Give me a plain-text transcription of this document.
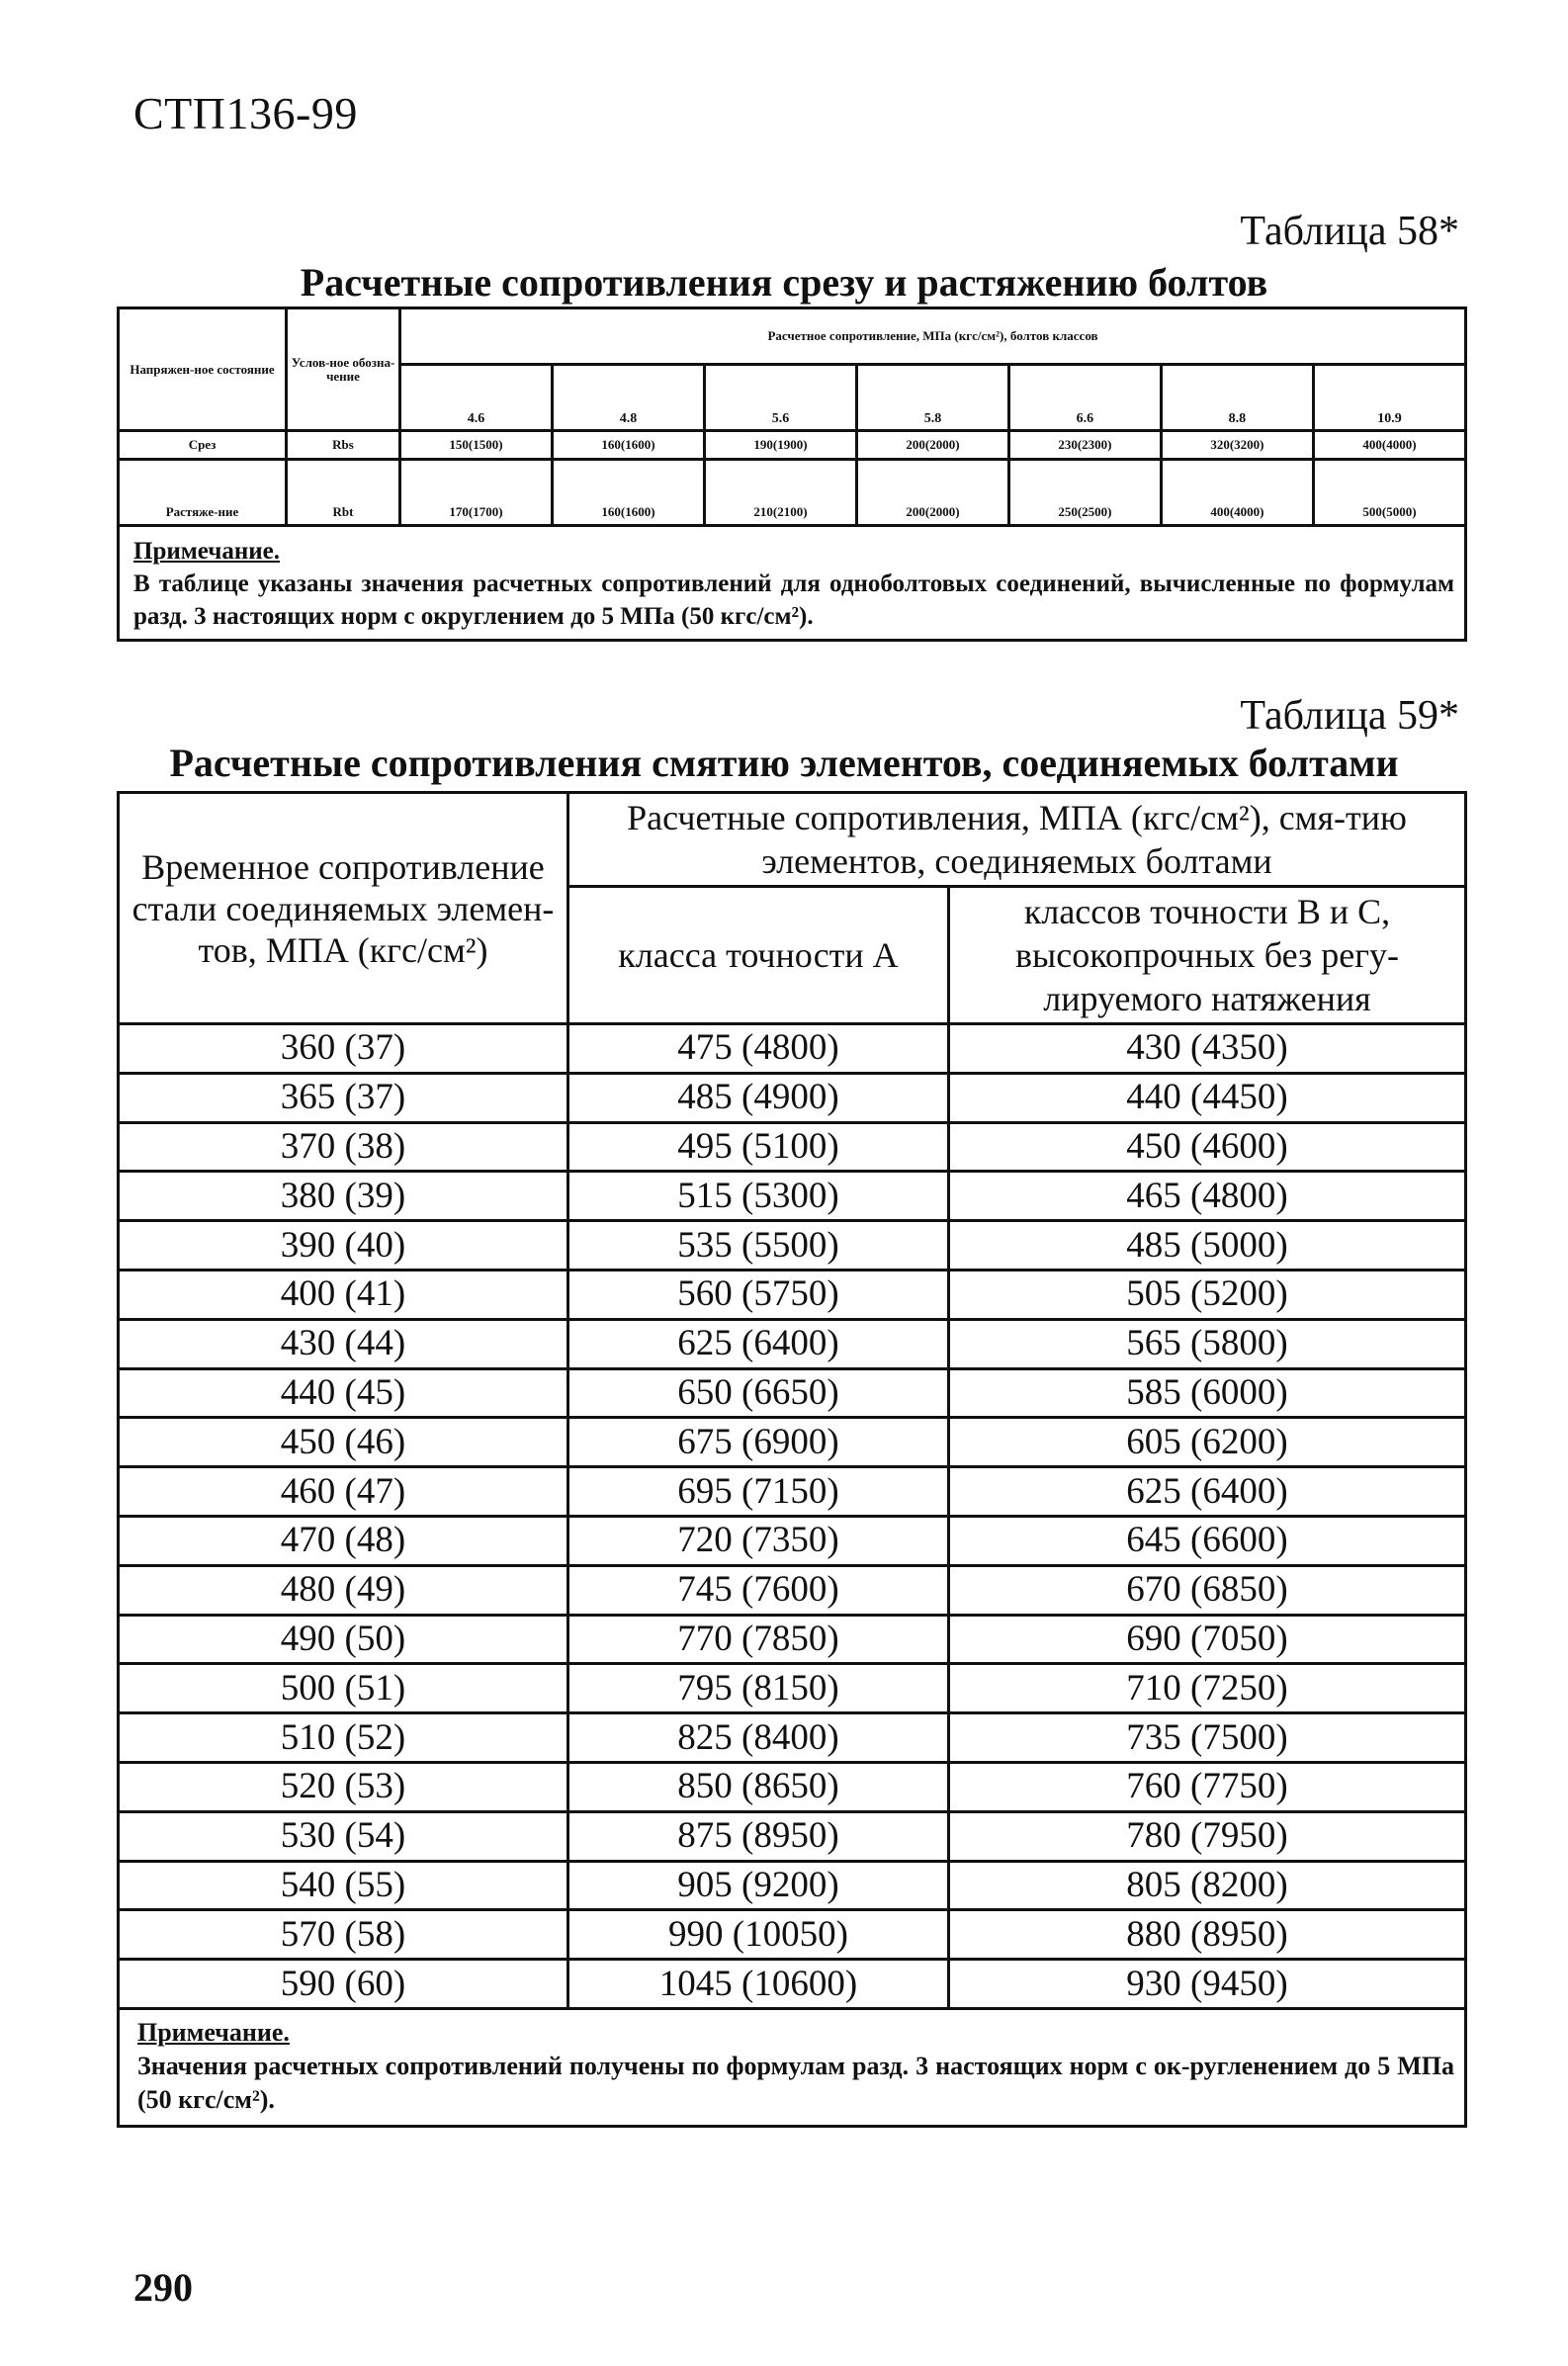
СТП136-99
Таблица 58*
Расчетные сопротивления срезу и растяжению болтов
Напряжен-ное состояние	Услов-ное обозна-чение	Расчетное сопротивление, МПа (кгс/см²), болтов классов						
		4.6	4.8	5.6	5.8	6.6	8.8	10.9
Срез	Rbs	150(1500)	160(1600)	190(1900)	200(2000)	230(2300)	320(3200)	400(4000)
Растяже-ние	Rbt	170(1700)	160(1600)	210(2100)	200(2000)	250(2500)	400(4000)	500(5000)
Примечание.
В таблице указаны значения расчетных сопротивлений для одноболтовых соединений, вычисленные по формулам разд. 3 настоящих норм с округлением до 5 МПа (50 кгс/см²).								
Таблица 59*
Расчетные сопротивления смятию элементов, соединяемых болтами
Временное сопротивление стали соединяемых элемен-тов, МПА (кгс/см²)	Расчетные сопротивления, МПА (кгс/см²), смя-тию элементов, соединяемых болтами	
	класса точности А	классов точности В и С, высокопрочных без регу-лируемого натяжения
360 (37)	475 (4800)	430 (4350)
365 (37)	485 (4900)	440 (4450)
370 (38)	495 (5100)	450 (4600)
380 (39)	515 (5300)	465 (4800)
390 (40)	535 (5500)	485 (5000)
400 (41)	560 (5750)	505 (5200)
430 (44)	625 (6400)	565 (5800)
440 (45)	650 (6650)	585 (6000)
450 (46)	675 (6900)	605 (6200)
460 (47)	695 (7150)	625 (6400)
470 (48)	720 (7350)	645 (6600)
480 (49)	745 (7600)	670 (6850)
490 (50)	770 (7850)	690 (7050)
500 (51)	795 (8150)	710 (7250)
510 (52)	825 (8400)	735 (7500)
520 (53)	850 (8650)	760 (7750)
530 (54)	875 (8950)	780 (7950)
540 (55)	905 (9200)	805 (8200)
570 (58)	990 (10050)	880 (8950)
590 (60)	1045 (10600)	930 (9450)
Примечание.
Значения расчетных сопротивлений получены по формулам разд. 3 настоящих норм с ок-ругленением до 5 МПа (50 кгс/см²).		
290
